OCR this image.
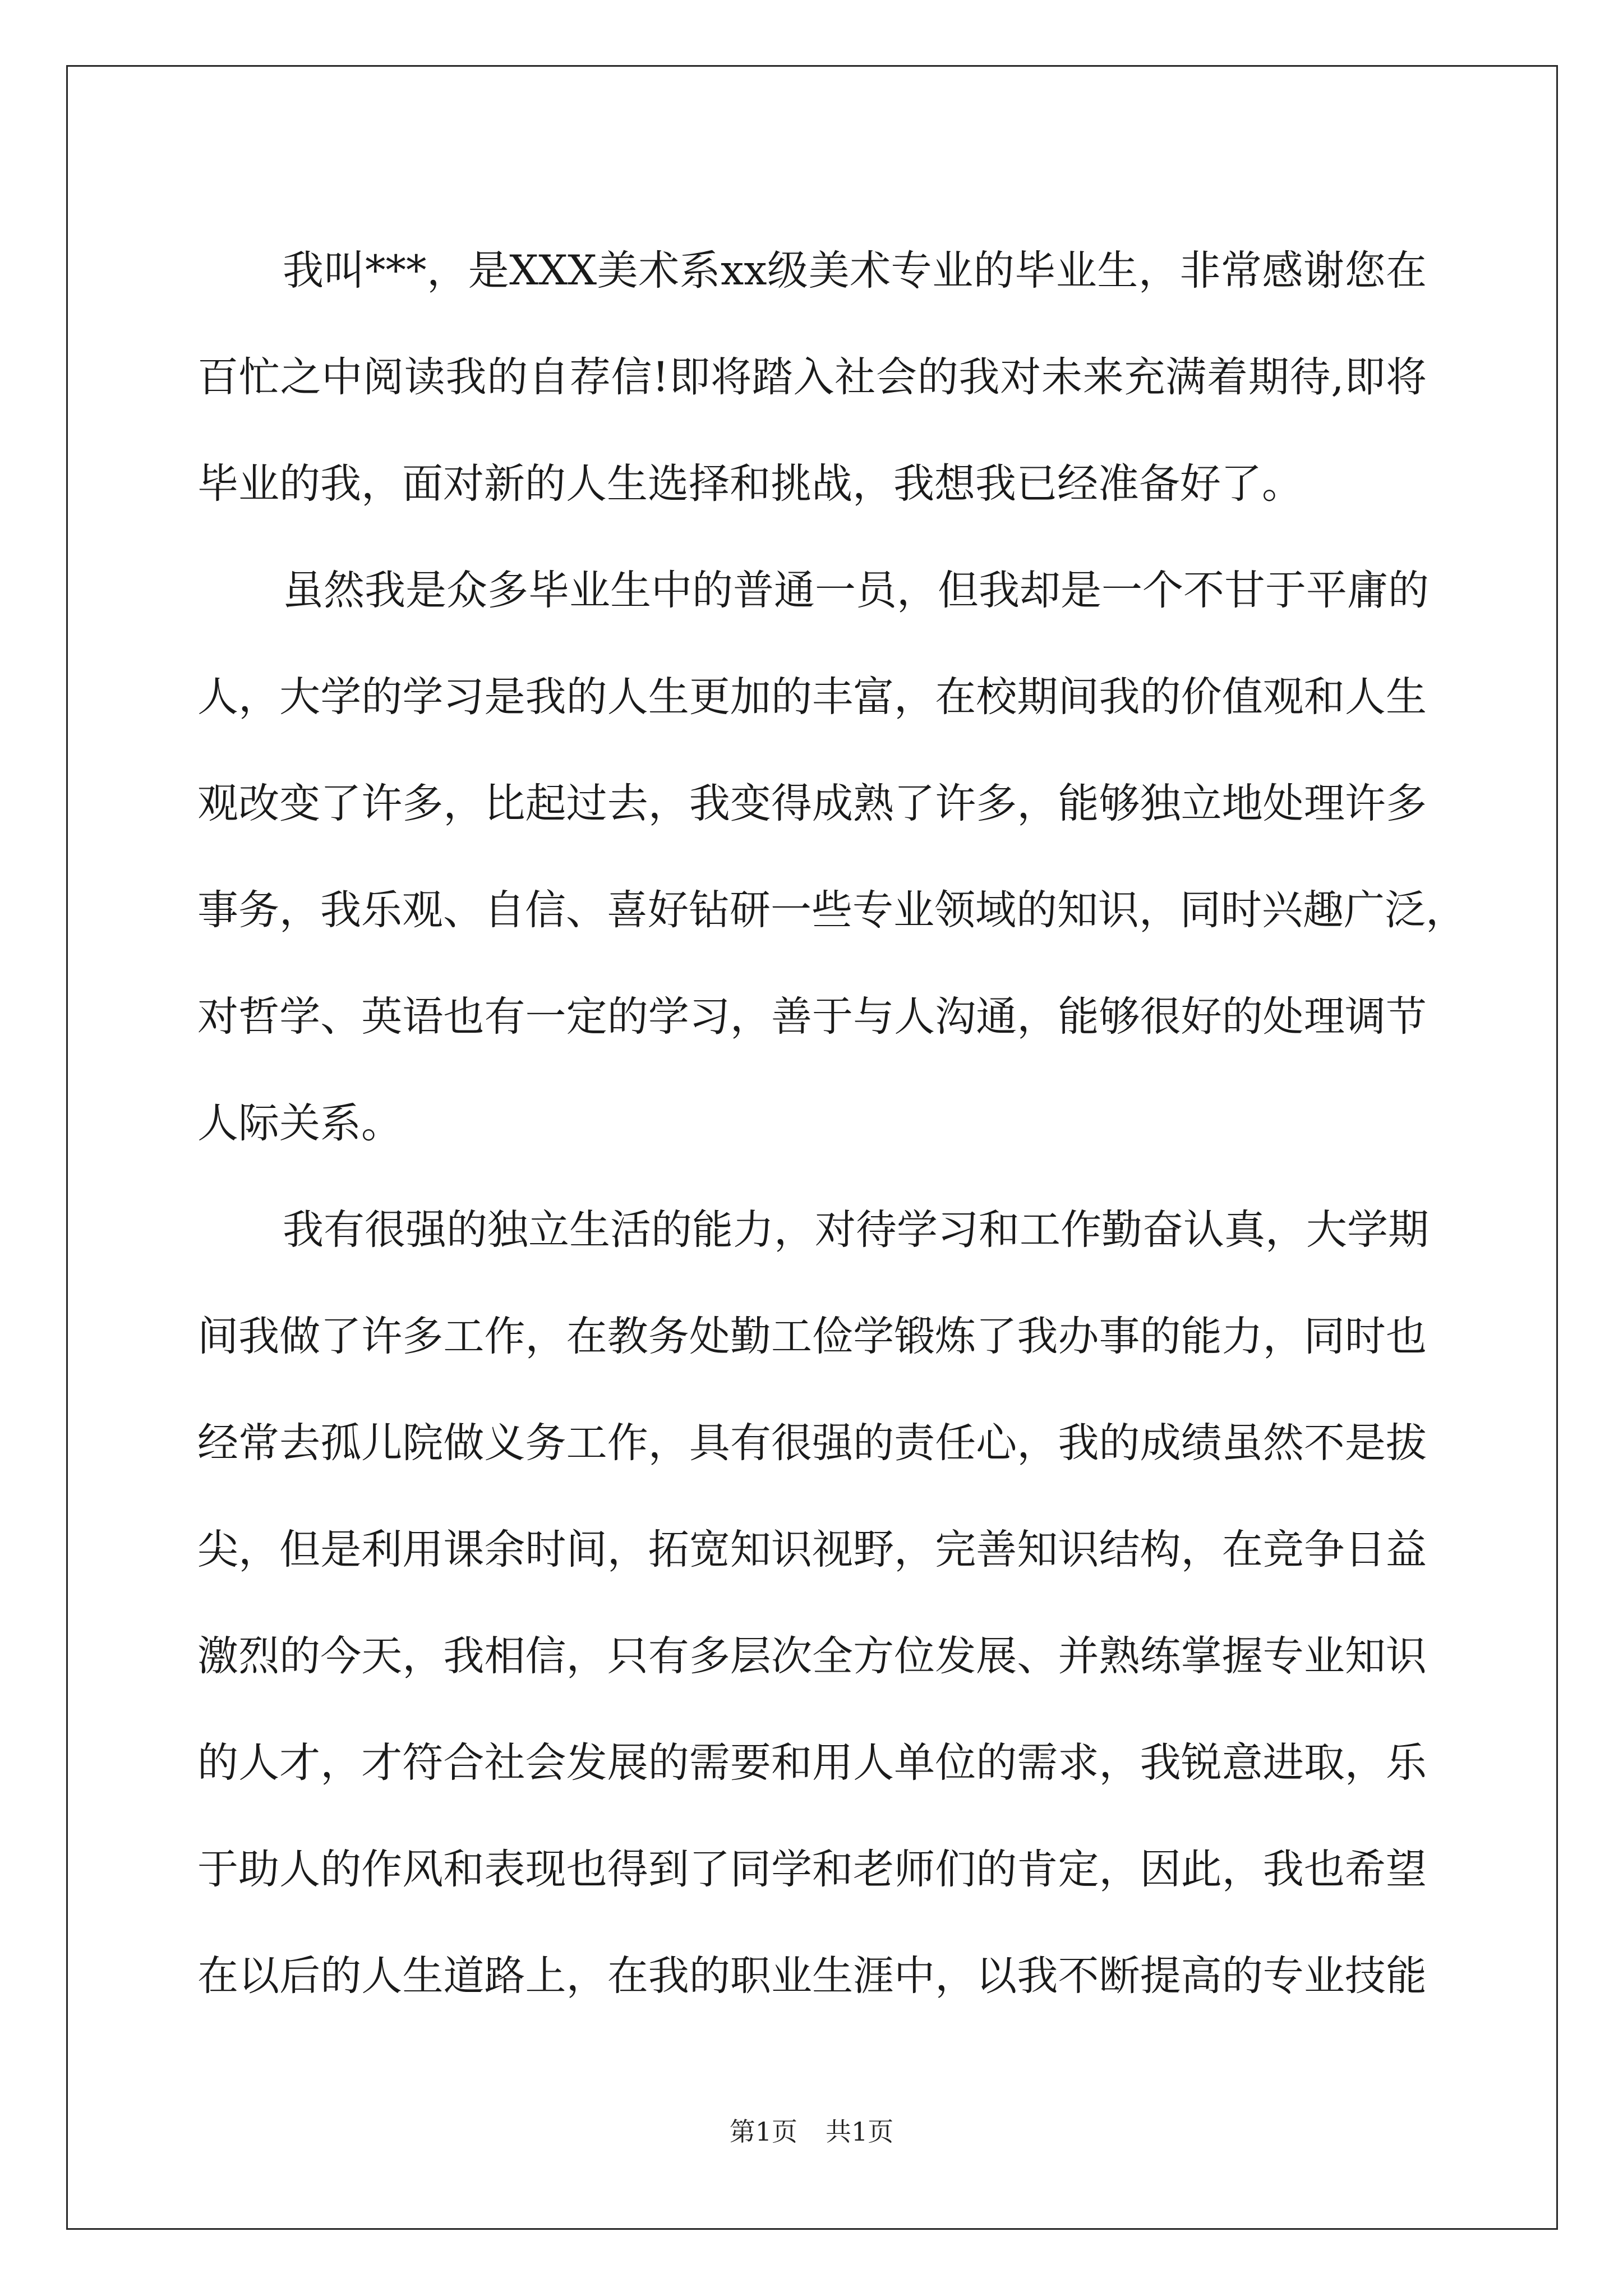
我叫***，是XXX美术系xx级美术专业的毕业生，非常感谢您在
百忙之中阅读我的自荐信!即将踏入社会的我对未来充满着期待,即将
毕业的我，面对新的人生选择和挑战，我想我已经准备好了。
虽然我是众多毕业生中的普通一员，但我却是一个不甘于平庸的
人，大学的学习是我的人生更加的丰富，在校期间我的价值观和人生
观改变了许多，比起过去，我变得成熟了许多，能够独立地处理许多
事务，我乐观、自信、喜好钻研一些专业领域的知识，同时兴趣广泛，
对哲学、英语也有一定的学习，善于与人沟通，能够很好的处理调节
人际关系。
我有很强的独立生活的能力，对待学习和工作勤奋认真，大学期
间我做了许多工作，在教务处勤工俭学锻炼了我办事的能力，同时也
经常去孤儿院做义务工作，具有很强的责任心，我的成绩虽然不是拔
尖，但是利用课余时间，拓宽知识视野，完善知识结构，在竞争日益
激烈的今天，我相信，只有多层次全方位发展、并熟练掌握专业知识
的人才，才符合社会发展的需要和用人单位的需求，我锐意进取，乐
于助人的作风和表现也得到了同学和老师们的肯定，因此，我也希望
在以后的人生道路上，在我的职业生涯中，以我不断提高的专业技能
第1页 共1页
